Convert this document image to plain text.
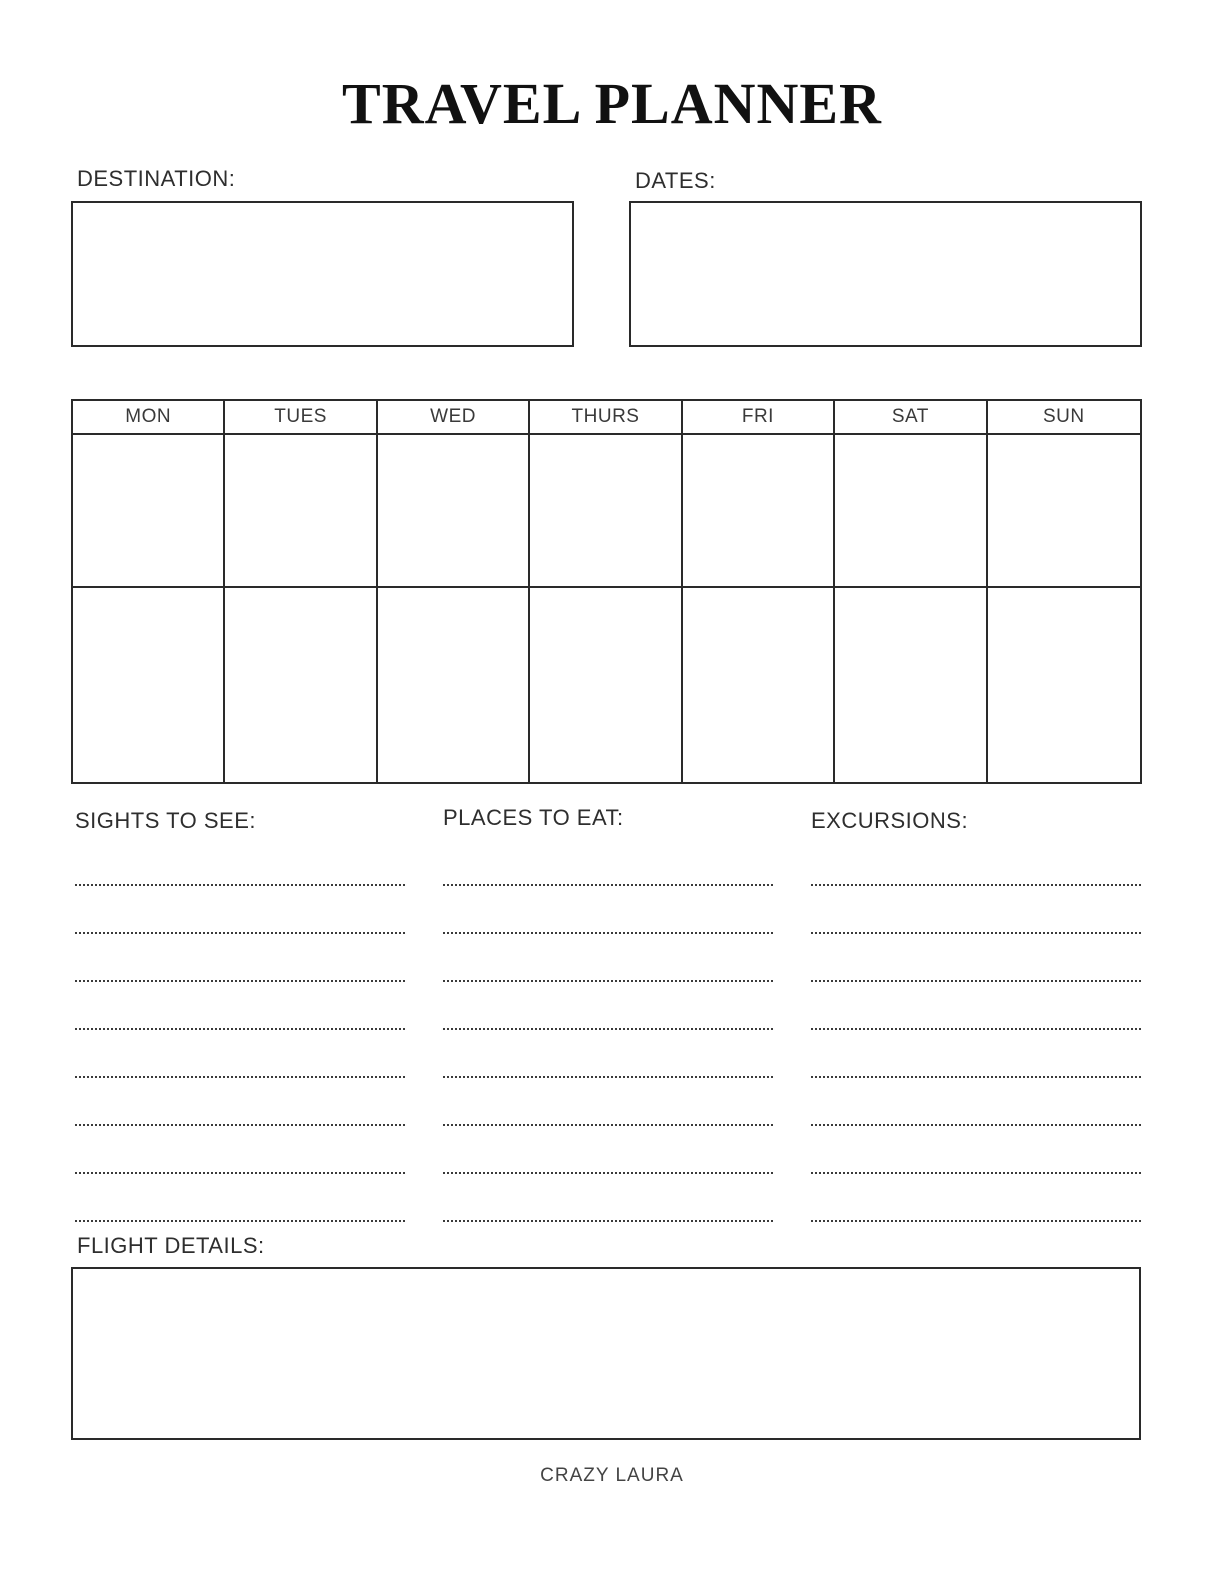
TRAVEL PLANNER
DESTINATION:	DATES:
MON	TUES	WED	THURS	FRI	SAT	SUN
SIGHTS TO SEE:	PLACES TO EAT:	EXCURSIONS:
FLIGHT DETAILS:
CRAZY LAURA
